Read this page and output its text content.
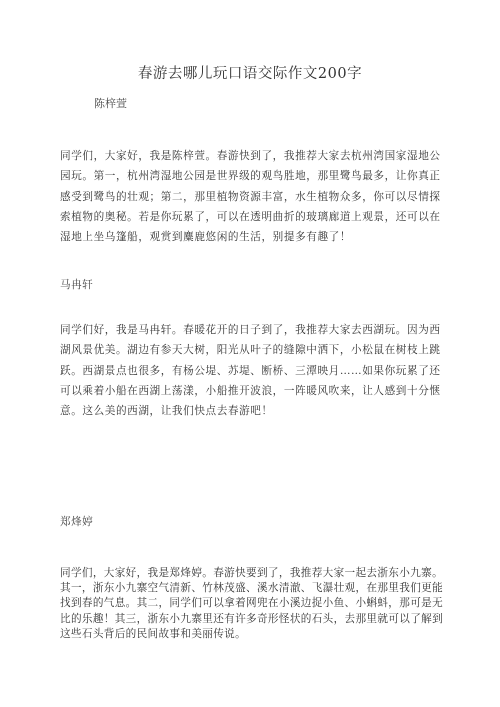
春游去哪儿玩口语交际作文200字
陈梓萱

同学们，大家好，我是陈梓萱。春游快到了，我推荐大家去杭州湾国家湿地公园玩。第一，杭州湾湿地公园是世界级的观鸟胜地，那里鹭鸟最多，让你真正感受到鹭鸟的壮观；第二，那里植物资源丰富，水生植物众多，你可以尽情探索植物的奥秘。若是你玩累了，可以在透明曲折的玻璃廊道上观景，还可以在湿地上坐乌篷船，观赏到麋鹿悠闲的生活，别提多有趣了！

马冉轩

同学们好，我是马冉轩。春暖花开的日子到了，我推荐大家去西湖玩。因为西湖风景优美。湖边有参天大树，阳光从叶子的缝隙中洒下，小松鼠在树枝上跳跃。西湖景点也很多，有杨公堤、苏堤、断桥、三潭映月……如果你玩累了还可以乘着小船在西湖上荡漾，小船推开波浪，一阵暖风吹来，让人感到十分惬意。这么美的西湖，让我们快点去春游吧！

郑烽婷

同学们，大家好，我是郑烽婷。春游快要到了，我推荐大家一起去浙东小九寨。其一，浙东小九寨空气清新、竹林茂盛、溪水清澈、飞瀑壮观，在那里我们更能找到春的气息。其二，同学们可以拿着网兜在小溪边捉小鱼、小蝌蚪，那可是无比的乐趣！其三，浙东小九寨里还有许多奇形怪状的石头，去那里就可以了解到这些石头背后的民间故事和美丽传说。
